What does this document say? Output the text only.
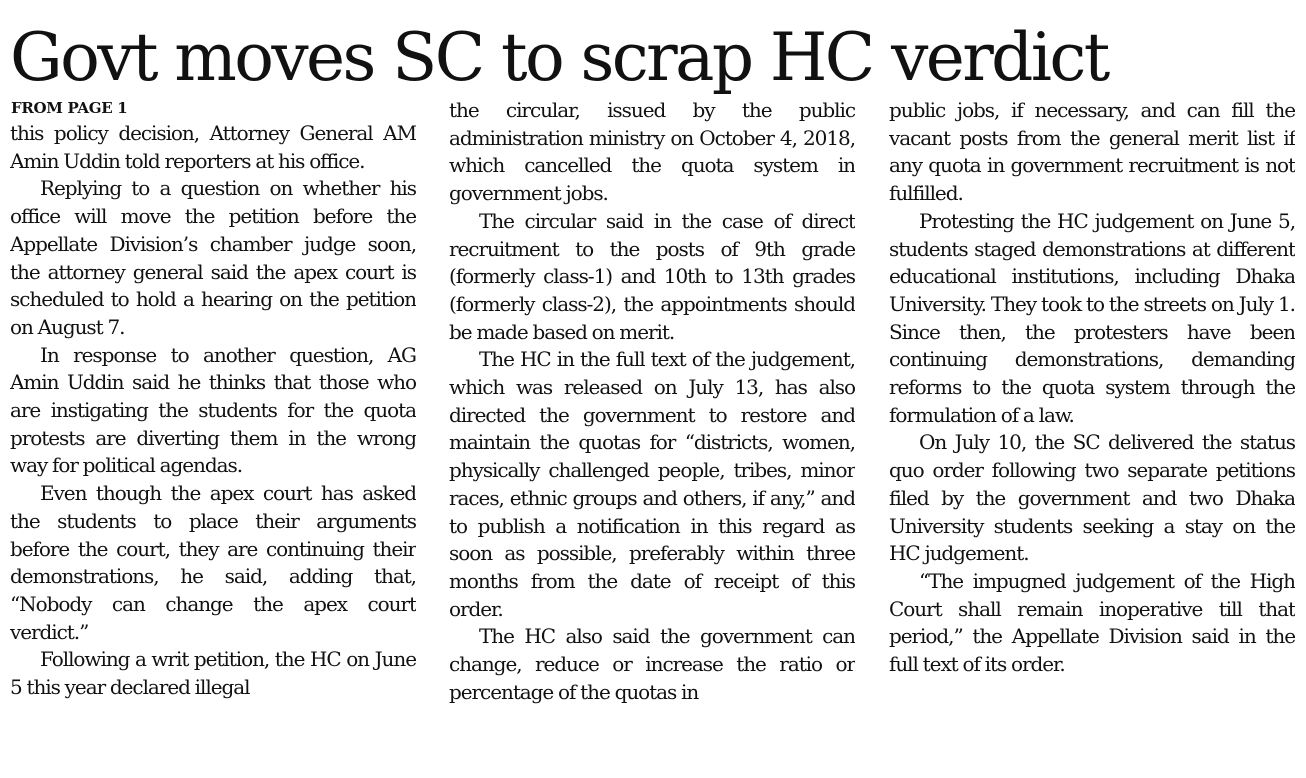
Govt moves SC to scrap HC verdict
FROM PAGE 1

this policy decision, Attorney General AM Amin Uddin told reporters at his office.

Replying to a question on whether his office will move the petition before the Appellate Division’s chamber judge soon, the attorney general said the apex court is scheduled to hold a hearing on the petition on August 7.

In response to another question, AG Amin Uddin said he thinks that those who are instigating the students for the quota protests are diverting them in the wrong way for political agendas.

Even though the apex court has asked the students to place their arguments before the court, they are continuing their demonstrations, he said, adding that, “Nobody can change the apex court verdict.”

Following a writ petition, the HC on June 5 this year declared illegal

the circular, issued by the public administration ministry on October 4, 2018, which cancelled the quota system in government jobs.

The circular said in the case of direct recruitment to the posts of 9th grade (formerly class-1) and 10th to 13th grades (formerly class-2), the appointments should be made based on merit.

The HC in the full text of the judgement, which was released on July 13, has also directed the government to restore and maintain the quotas for “districts, women, physically challenged people, tribes, minor races, ethnic groups and others, if any,” and to publish a notification in this regard as soon as possible, preferably within three months from the date of receipt of this order.

The HC also said the government can change, reduce or increase the ratio or percentage of the quotas in

public jobs, if necessary, and can fill the vacant posts from the general merit list if any quota in government recruitment is not fulfilled.

Protesting the HC judgement on June 5, students staged demonstrations at different educational institutions, including Dhaka University. They took to the streets on July 1. Since then, the protesters have been continuing demonstrations, demanding reforms to the quota system through the formulation of a law.

On July 10, the SC delivered the status quo order following two separate petitions filed by the government and two Dhaka University students seeking a stay on the HC judgement.

“The impugned judgement of the High Court shall remain inoperative till that period,” the Appellate Division said in the full text of its order.
